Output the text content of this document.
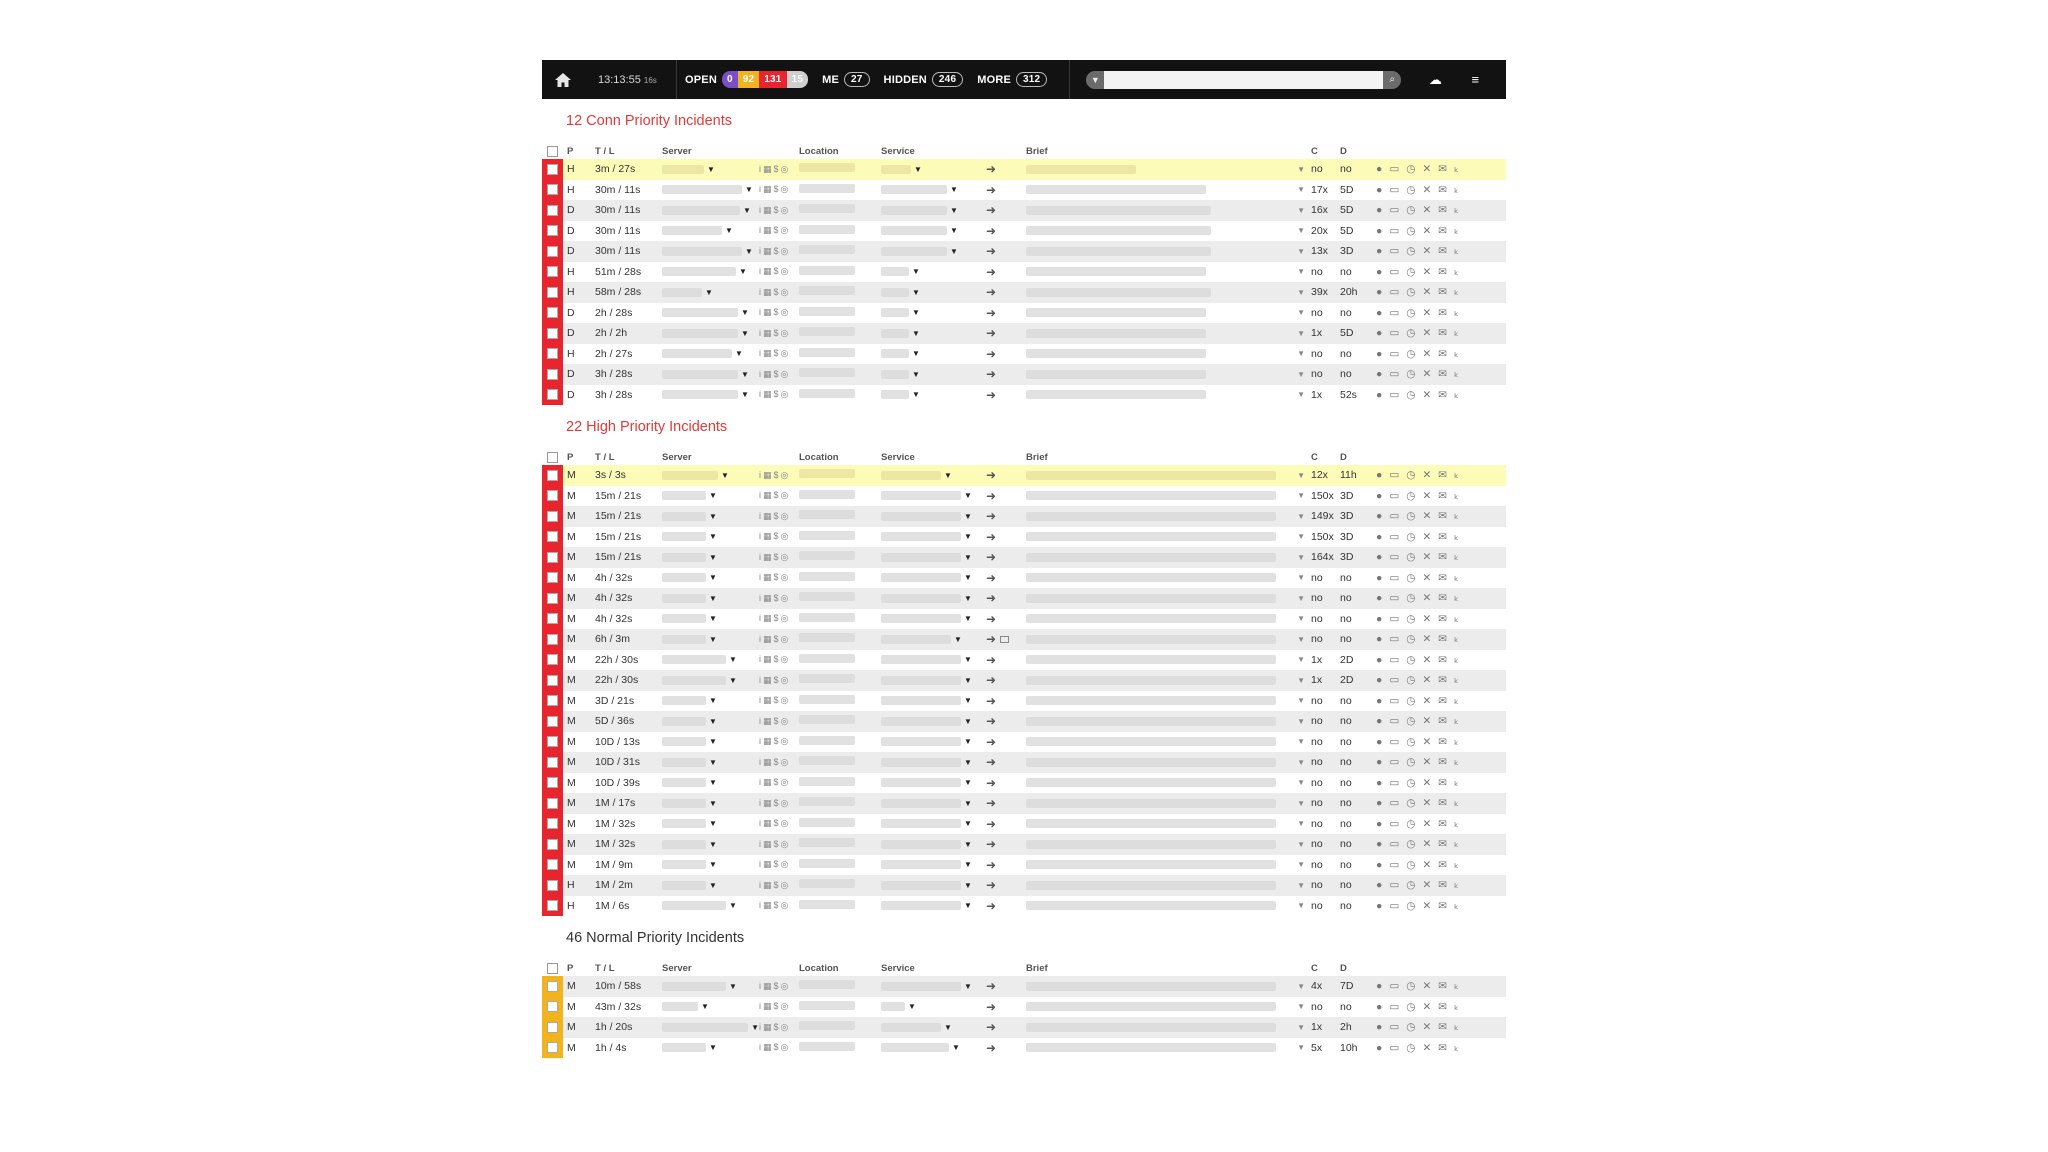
13:13:55 16s	OPEN	0	92	131	15	ME	27	HIDDEN	246	MORE	312	▼	⌕	☁	≡
12 Conn Priority Incidents
P	T / L	Server	Location	Service	Brief	C	D
H	3m / 27s	▼	i ▦ $ ◎	▼	➜	▼ no	no	● ▭ ◷ ✕ ✉ ₖ
H	30m / 11s	▼ i ▦ $ ◎	▼ ➜	▼ 17x	5D	● ▭ ◷ ✕ ✉ ₖ
D	30m / 11s	▼ i ▦ $ ◎	▼ ➜	▼ 16x	5D	● ▭ ◷ ✕ ✉ ₖ
D	30m / 11s	▼	i ▦ $ ◎	▼ ➜	▼ 20x	5D	● ▭ ◷ ✕ ✉ ₖ
D	30m / 11s	▼ i ▦ $ ◎	▼ ➜	▼ 13x	3D	● ▭ ◷ ✕ ✉ ₖ
H	51m / 28s	▼ i ▦ $ ◎	▼	➜	▼ no	no	● ▭ ◷ ✕ ✉ ₖ
H	58m / 28s	▼	i ▦ $ ◎	▼	➜	▼ 39x	20h	● ▭ ◷ ✕ ✉ ₖ
D	2h / 28s	▼ i ▦ $ ◎	▼	➜	▼ no	no	● ▭ ◷ ✕ ✉ ₖ
D	2h / 2h	▼ i ▦ $ ◎	▼	➜	▼ 1x	5D	● ▭ ◷ ✕ ✉ ₖ
H	2h / 27s	▼ i ▦ $ ◎	▼	➜	▼ no	no	● ▭ ◷ ✕ ✉ ₖ
D	3h / 28s	▼ i ▦ $ ◎	▼	➜	▼ no	no	● ▭ ◷ ✕ ✉ ₖ
D	3h / 28s	▼ i ▦ $ ◎	▼	➜	▼ 1x	52s	● ▭ ◷ ✕ ✉ ₖ
22 High Priority Incidents
P	T / L	Server	Location	Service	Brief	C	D
M	3s / 3s	▼	i ▦ $ ◎	▼	➜	▼ 12x	11h	● ▭ ◷ ✕ ✉ ₖ
M	15m / 21s	▼	i ▦ $ ◎	▼ ➜	▼ 150x 3D	● ▭ ◷ ✕ ✉ ₖ
M	15m / 21s	▼	i ▦ $ ◎	▼ ➜	▼ 149x 3D	● ▭ ◷ ✕ ✉ ₖ
M	15m / 21s	▼	i ▦ $ ◎	▼ ➜	▼ 150x 3D	● ▭ ◷ ✕ ✉ ₖ
M	15m / 21s	▼	i ▦ $ ◎	▼ ➜	▼ 164x 3D	● ▭ ◷ ✕ ✉ ₖ
M	4h / 32s	▼	i ▦ $ ◎	▼ ➜	▼ no	no	● ▭ ◷ ✕ ✉ ₖ
M	4h / 32s	▼	i ▦ $ ◎	▼ ➜	▼ no	no	● ▭ ◷ ✕ ✉ ₖ
M	4h / 32s	▼	i ▦ $ ◎	▼ ➜	▼ no	no	● ▭ ◷ ✕ ✉ ₖ
M	6h / 3m	▼	i ▦ $ ◎	▼ ➜	▼ no	no	● ▭ ◷ ✕ ✉ ₖ
M	22h / 30s	▼ i ▦ $ ◎	▼ ➜	▼ 1x	2D	● ▭ ◷ ✕ ✉ ₖ
M	22h / 30s	▼ i ▦ $ ◎	▼ ➜	▼ 1x	2D	● ▭ ◷ ✕ ✉ ₖ
M	3D / 21s	▼	i ▦ $ ◎	▼ ➜	▼ no	no	● ▭ ◷ ✕ ✉ ₖ
M	5D / 36s	▼	i ▦ $ ◎	▼ ➜	▼ no	no	● ▭ ◷ ✕ ✉ ₖ
M	10D / 13s	▼	i ▦ $ ◎	▼ ➜	▼ no	no	● ▭ ◷ ✕ ✉ ₖ
M	10D / 31s	▼	i ▦ $ ◎	▼ ➜	▼ no	no	● ▭ ◷ ✕ ✉ ₖ
M	10D / 39s	▼	i ▦ $ ◎	▼ ➜	▼ no	no	● ▭ ◷ ✕ ✉ ₖ
M	1M / 17s	▼	i ▦ $ ◎	▼ ➜	▼ no	no	● ▭ ◷ ✕ ✉ ₖ
M	1M / 32s	▼	i ▦ $ ◎	▼ ➜	▼ no	no	● ▭ ◷ ✕ ✉ ₖ
M	1M / 32s	▼	i ▦ $ ◎	▼ ➜	▼ no	no	● ▭ ◷ ✕ ✉ ₖ
M	1M / 9m	▼	i ▦ $ ◎	▼ ➜	▼ no	no	● ▭ ◷ ✕ ✉ ₖ
H	1M / 2m	▼	i ▦ $ ◎	▼ ➜	▼ no	no	● ▭ ◷ ✕ ✉ ₖ
H	1M / 6s	▼ i ▦ $ ◎	▼ ➜	▼ no	no	● ▭ ◷ ✕ ✉ ₖ
46 Normal Priority Incidents
P	T / L	Server	Location	Service	Brief	C	D
M	10m / 58s	▼ i ▦ $ ◎	▼ ➜	▼ 4x	7D	● ▭ ◷ ✕ ✉ ₖ
M	43m / 32s	▼	i ▦ $ ◎	▼	➜	▼ no	no	● ▭ ◷ ✕ ✉ ₖ
M	1h / 20s	▼ i ▦ $ ◎	▼	➜	▼ 1x	2h	● ▭ ◷ ✕ ✉ ₖ
M	1h / 4s	▼	i ▦ $ ◎	▼ ➜	▼ 5x	10h	● ▭ ◷ ✕ ✉ ₖ
